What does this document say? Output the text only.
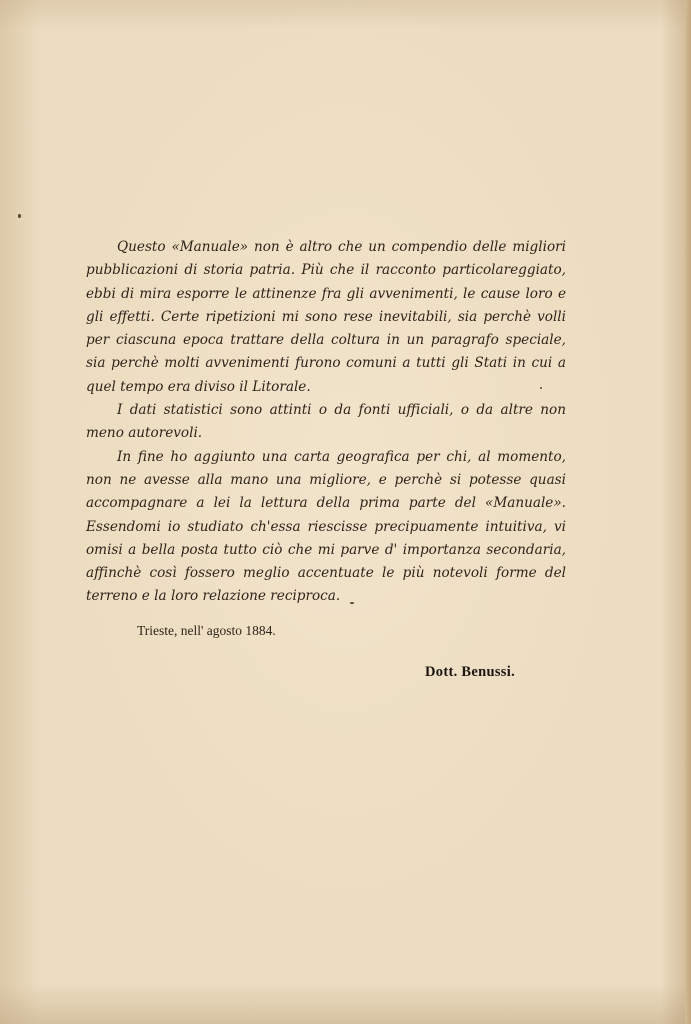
Questo «Manuale» non è altro che un compendio delle migliori pubblicazioni di storia patria. Più che il racconto particolareggiato, ebbi di mira esporre le attinenze fra gli avvenimenti, le cause loro e gli effetti. Certe ripetizioni mi sono rese inevitabili, sia perchè volli per ciascuna epoca trattare della coltura in un paragrafo speciale, sia perchè molti avvenimenti furono comuni a tutti gli Stati in cui a quel tempo era diviso il Litorale.

I dati statistici sono attinti o da fonti ufficiali, o da altre non meno autorevoli.

In fine ho aggiunto una carta geografica per chi, al momento, non ne avesse alla mano una migliore, e perchè si potesse quasi accompagnare a lei la lettura della prima parte del «Manuale». Essendomi io studiato ch'essa riescisse precipuamente intuitiva, vi omisi a bella posta tutto ciò che mi parve d' importanza secondaria, affinchè così fossero meglio accentuate le più notevoli forme del terreno e la loro relazione reciproca.

Trieste, nell' agosto 1884.
Dott. Benussi.
